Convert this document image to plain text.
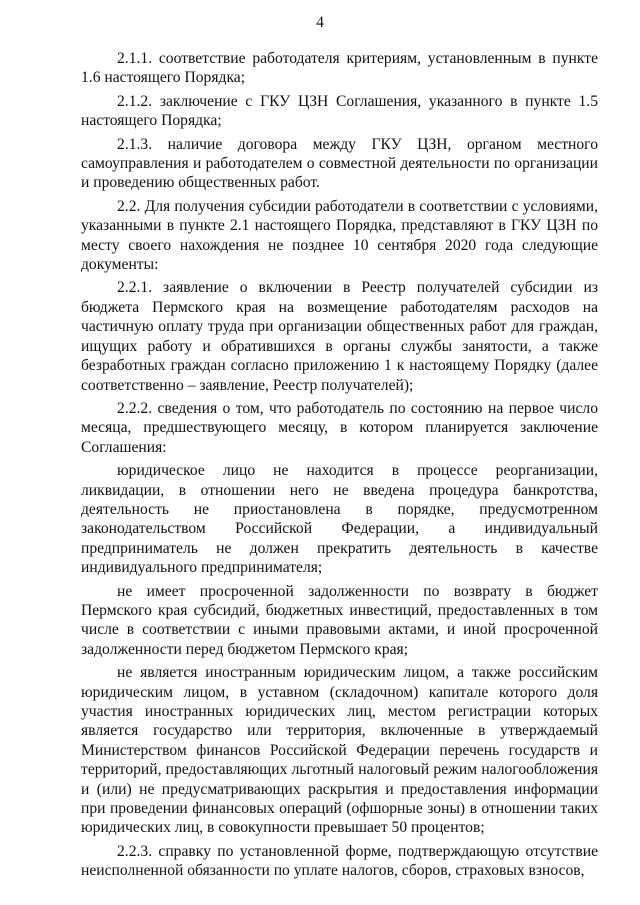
4

2.1.1. соответствие работодателя критериям, установленным в пункте 1.6 настоящего Порядка;

2.1.2. заключение с ГКУ ЦЗН Соглашения, указанного в пункте 1.5 настоящего Порядка;

2.1.3. наличие договора между ГКУ ЦЗН, органом местного самоуправления и работодателем о совместной деятельности по организации и проведению общественных работ.

2.2. Для получения субсидии работодатели в соответствии с условиями, указанными в пункте 2.1 настоящего Порядка, представляют в ГКУ ЦЗН по месту своего нахождения не позднее 10 сентября 2020 года следующие документы:

2.2.1. заявление о включении в Реестр получателей субсидии из бюджета Пермского края на возмещение работодателям расходов на частичную оплату труда при организации общественных работ для граждан, ищущих работу и обратившихся в органы службы занятости, а также безработных граждан согласно приложению 1 к настоящему Порядку (далее соответственно – заявление, Реестр получателей);

2.2.2. сведения о том, что работодатель по состоянию на первое число месяца, предшествующего месяцу, в котором планируется заключение Соглашения:

юридическое лицо не находится в процессе реорганизации, ликвидации, в отношении него не введена процедура банкротства, деятельность не приостановлена в порядке, предусмотренном законодательством Российской Федерации, а индивидуальный предприниматель не должен прекратить деятельность в качестве индивидуального предпринимателя;

не имеет просроченной задолженности по возврату в бюджет Пермского края субсидий, бюджетных инвестиций, предоставленных в том числе в соответствии с иными правовыми актами, и иной просроченной задолженности перед бюджетом Пермского края;

не является иностранным юридическим лицом, а также российским юридическим лицом, в уставном (складочном) капитале которого доля участия иностранных юридических лиц, местом регистрации которых является государство или территория, включенные в утверждаемый Министерством финансов Российской Федерации перечень государств и территорий, предоставляющих льготный налоговый режим налогообложения и (или) не предусматривающих раскрытия и предоставления информации при проведении финансовых операций (офшорные зоны) в отношении таких юридических лиц, в совокупности превышает 50 процентов;

2.2.3. справку по установленной форме, подтверждающую отсутствие неисполненной обязанности по уплате налогов, сборов, страховых взносов,
